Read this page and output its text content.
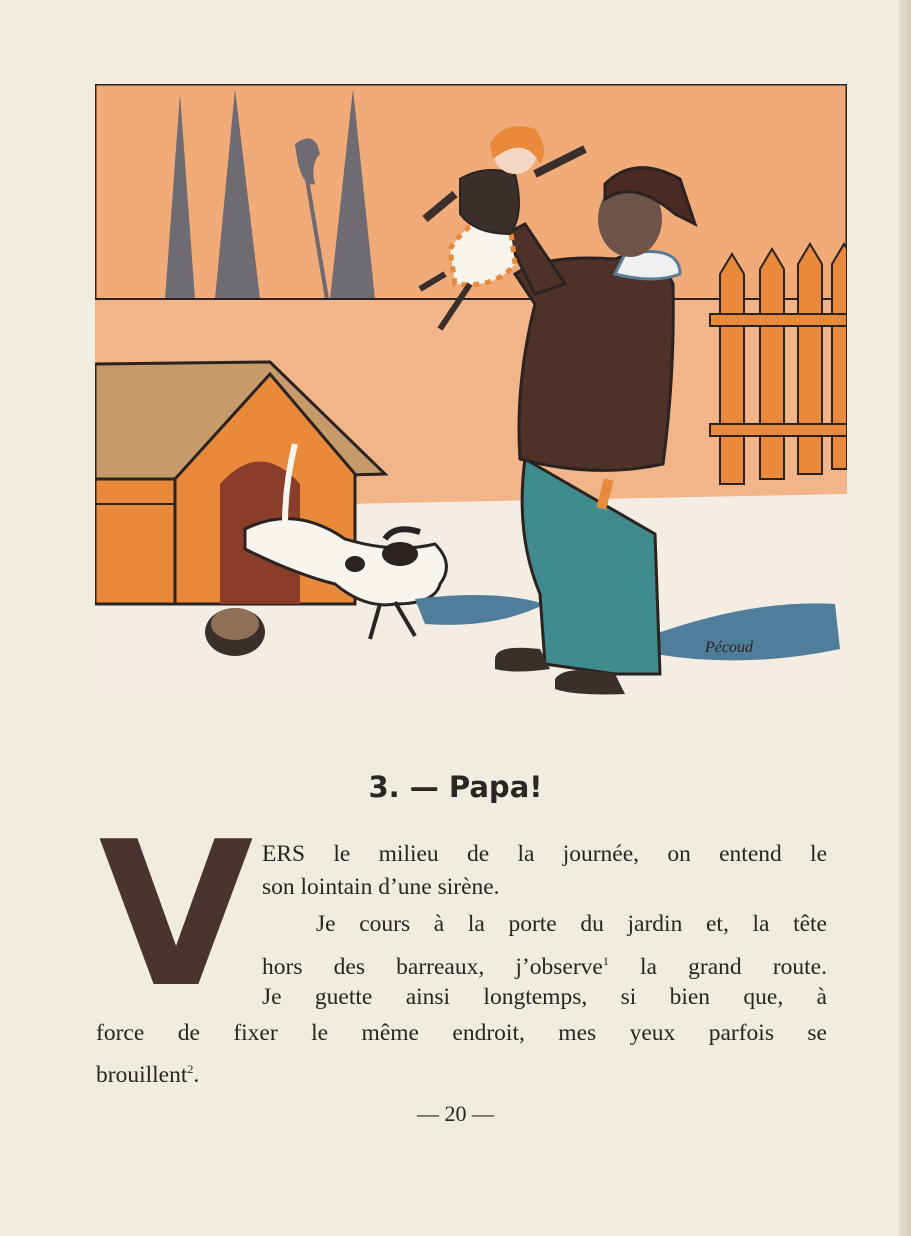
Pécoud
3. — Papa!
V ERS le milieu de la journée, on entend le
son lointain d’une sirène.
Je cours à la porte du jardin et, la tête
hors des barreaux, j’observe$^1$ la grand route.
Je guette ainsi longtemps, si bien que, à
force de fixer le même endroit, mes yeux parfois se
brouillent$^2$.
— 20 —
